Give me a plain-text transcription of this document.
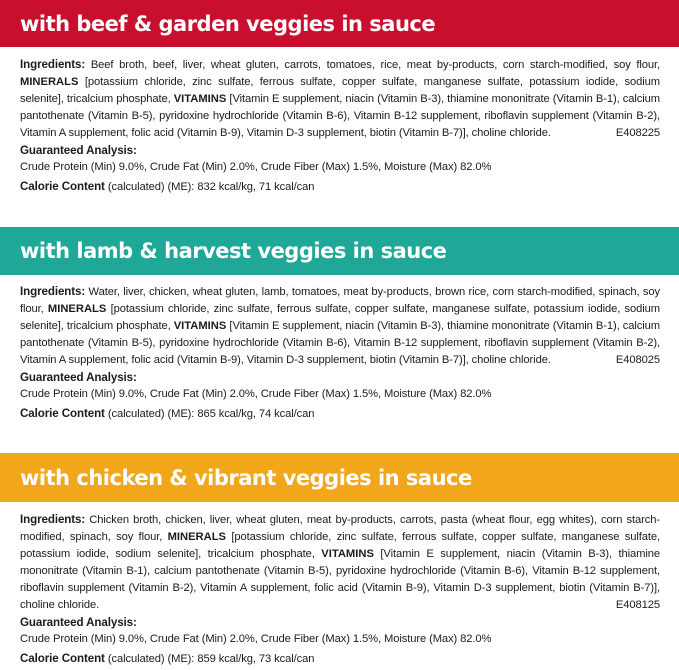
with beef & garden veggies in sauce
Ingredients: Beef broth, beef, liver, wheat gluten, carrots, tomatoes, rice, meat by-products, corn starch-modified, soy flour, MINERALS [potassium chloride, zinc sulfate, ferrous sulfate, copper sulfate, manganese sulfate, potassium iodide, sodium selenite], tricalcium phosphate, VITAMINS [Vitamin E supplement, niacin (Vitamin B-3), thiamine mononitrate (Vitamin B-1), calcium pantothenate (Vitamin B-5), pyridoxine hydrochloride (Vitamin B-6), Vitamin B-12 supplement, riboflavin supplement (Vitamin B-2), Vitamin A supplement, folic acid (Vitamin B-9), Vitamin D-3 supplement, biotin (Vitamin B-7)], choline chloride.	E408225
Guaranteed Analysis:
Crude Protein (Min) 9.0%, Crude Fat (Min) 2.0%, Crude Fiber (Max) 1.5%, Moisture (Max) 82.0%
Calorie Content (calculated) (ME): 832 kcal/kg, 71 kcal/can
with lamb & harvest veggies in sauce
Ingredients: Water, liver, chicken, wheat gluten, lamb, tomatoes, meat by-products, brown rice, corn starch-modified, spinach, soy flour, MINERALS [potassium chloride, zinc sulfate, ferrous sulfate, copper sulfate, manganese sulfate, potassium iodide, sodium selenite], tricalcium phosphate, VITAMINS [Vitamin E supplement, niacin (Vitamin B-3), thiamine mononitrate (Vitamin B-1), calcium pantothenate (Vitamin B-5), pyridoxine hydrochloride (Vitamin B-6), Vitamin B-12 supplement, riboflavin supplement (Vitamin B-2), Vitamin A supplement, folic acid (Vitamin B-9), Vitamin D-3 supplement, biotin (Vitamin B-7)], choline chloride.	E408025
Guaranteed Analysis:
Crude Protein (Min) 9.0%, Crude Fat (Min) 2.0%, Crude Fiber (Max) 1.5%, Moisture (Max) 82.0%
Calorie Content (calculated) (ME): 865 kcal/kg, 74 kcal/can
with chicken & vibrant veggies in sauce
Ingredients: Chicken broth, chicken, liver, wheat gluten, meat by-products, carrots, pasta (wheat flour, egg whites), corn starch-modified, spinach, soy flour, MINERALS [potassium chloride, zinc sulfate, ferrous sulfate, copper sulfate, manganese sulfate, potassium iodide, sodium selenite], tricalcium phosphate, VITAMINS [Vitamin E supplement, niacin (Vitamin B-3), thiamine mononitrate (Vitamin B-1), calcium pantothenate (Vitamin B-5), pyridoxine hydrochloride (Vitamin B-6), Vitamin B-12 supplement, riboflavin supplement (Vitamin B-2), Vitamin A supplement, folic acid (Vitamin B-9), Vitamin D-3 supplement, biotin (Vitamin B-7)], choline chloride.	E408125
Guaranteed Analysis:
Crude Protein (Min) 9.0%, Crude Fat (Min) 2.0%, Crude Fiber (Max) 1.5%, Moisture (Max) 82.0%
Calorie Content (calculated) (ME): 859 kcal/kg, 73 kcal/can
